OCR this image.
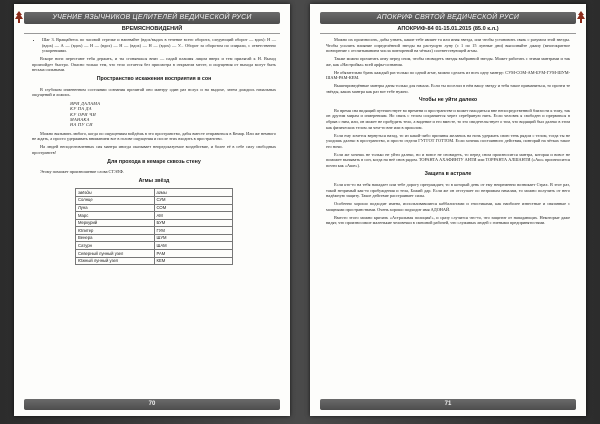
УЧЕНИЕ ЯЗЫЧНИКОВ ЦЕЛИТЕЛЕЙ ВЕДИЧЕСКОЙ РУСИ
ВРЕМЯСНОВИДЕНИЙ
• Шаг 3. Вращайтесь по часовой стрелке и напевайте (вдох/выдох в течение всего оборота, следующий оборот — вдох): Н — (вдох) — А — (вдох) — Н — (вдох) — Н — (вдох) — Н — (вдох) — У... Оборот за оборотом по спирали, с ответственно ускорениями.

Вскоре ноги перестают тебя держать, и ты сгоняешься вниз — падай плашмя лицом вверх и тем прилягай к Н. Выход произойдет быстро. Опасно только тем, что тело остается без присмотра в открытом месте, и ощущения от выхода могут быть весьма сильными.

Пространство искажения восприятия в сон

В глубоком измененном состоянии сознания прочитай оно мантру один раз вслух и на выдохе, затем дождись начальных ощущений и ложись.

ЯРИ ДАЛАМА
КУ ПА ДА
КУ ОРИ ЧИ
МАНАКА
НА ПУ СИ

Можно вызывать любого, когда по ощущениям войдёшь в это пространство, дабы вместе отправиться в Кемар. Или же немного не ждать, а просто удерживать вниманием все в голове ощущения и после этих входить в пространство.

На людей неподготовленных сия мантра иногда оказывает непредсказуемое воздействие, и более её в себе силу свободных пространств!

Для прохода в кемаре сквозь стену

Этому поможет произношение слова СТЭЛФ.

Агмы звёзд
звёзды	агмы
Солнце	СУМ
Луна	СОМ
Марс	АМ
Меркурий	БУМ
Юпитер	ГУМ
Венера	ШУМ
Сатурн	ШАМ
Северный лунный узел	РАМ
Южный лунный узел	КЕМ
70
АПОКРИФ СВЯТОЙ ВЕДИЧЕСКОЙ РУСИ
АПОКРИФ-84 01-15.01.2015 (85.0 к.л.)

Можно их произносить, дабы узнать, какие тебе являет та или иная звезда, или чтобы установить связь с разумом этой звезды. Чтобы усилить влияние определённой звезды на растущую луну (с 1 по 15 лунные дни) выполняйте джапу (многократное повторение с отсчитыванием числа повторений на чётках) соответствующей агмы.

Также можно прочитать агму перед сном, чтобы сновидеть звезды выбранной звезды. Может работать с этими мантрами и так же, как «Настройка» всей арфы-сознания.

Не обязательно брать каждый раз только по одной агме, можно сделать из всех одну мантру: СУМ-СОМ-АМ-БУМ-ГУМ-ШУМ-ШАМ-РАМ-КЕМ.

Вышеприведённые мантры даны только для начала. Если ты поселил в нём вашу звезду и тебя такое приманиться, то прочти те звёзды, каких мантра как раз вот тебе нужно.

Чтобы не уйти далеко

Во время сна видящий путешествует во времени и пространстве и может находиться вне непосредственной близости к тому, так он другим мирам и измерениям. Но связь с телом сохраняется через серебряную нить. Если человек я свободен и прерваться в обрыв с ним, или, он может не пробудить тело, а видение и его вместе, то это свидетельствует о том, что видящий был далеко в этом как физических телом ли чем-то вне или в прошлом.

Если ему хочется вернуться назад, то из какой-либо причины желаешь на ночь удержать свою тень рядом с телом, тогда ты не уходишь далеко в пространство, и просто отдели ГУГГОТ ГОТТОМ. Если хочешь постоянного действия, повторяй на чётках такое его ночи.

Если же хочешь не только не уйти далеко, но и вовсе не сновидеть, то перед сном произносится мантра, которая и вовсе не поможет вызывать в сон, когда на неё снов рядом. ТОРАНТА АХАФИНТУ АНТИ или ТОРРАНТА АЛШАНТИ («Аш» произносится почти как «Аше»).

Защита в астрале

Если кто-то на тебя нападает или тебе дорогу преграждает, то в который день от ему непременно возникает Страх. В этот раз, такой незримый как-то пробуждения и тела, Божий дар. Если же он отступает по незримым началам, то можно получить от него надёжную защиту. Такое действие расстраивает силы.

Особенно хорошо подходит имена, использовавшиеся каббалистами и гностиками, как наиболее известные и связанные с мощными пространствами. Очень хорошо подходит имя АДОНАЙ.

Вместо этого можно кричать «Астральная полиция!», и сразу случится что-то, что защитит от нападающих. Некоторые даже видят, что произносимое маленькие человечки в смешной рабочей, что служивых людей с гиеными предпринятостями.

71
